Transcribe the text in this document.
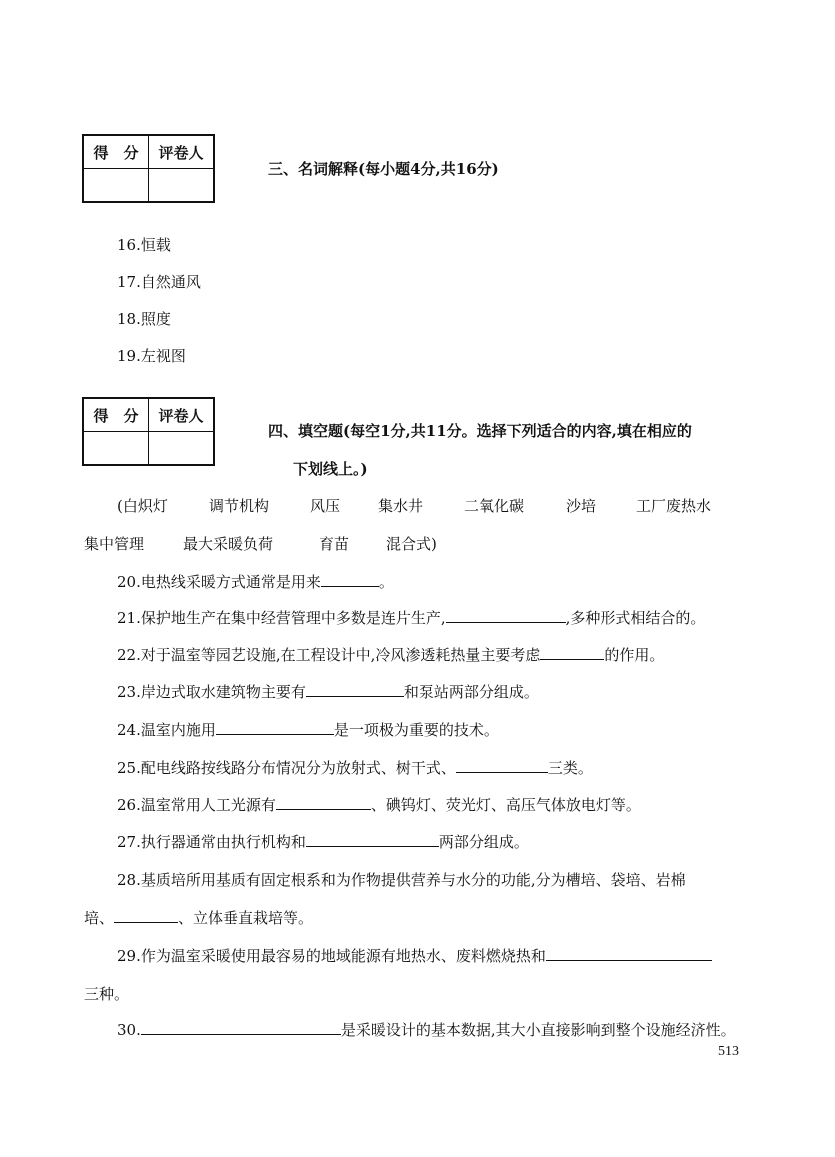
得　分	评卷人

三、名词解释(每小题4分,共16分)
16.恒载
17.自然通风
18.照度
19.左视图
得　分	评卷人

四、填空题(每空1分,共11分。选择下列适合的内容,填在相应的
下划线上。)
(白炽灯	调节机构	风压	集水井	二氧化碳	沙培	工厂废热水
集中管理	最大采暖负荷	育苗 混合式)
20.电热线采暖方式通常是用来	。
21.保护地生产在集中经营管理中多数是连片生产,	,多种形式相结合的。
22.对于温室等园艺设施,在工程设计中,冷风渗透耗热量主要考虑	的作用。
23.岸边式取水建筑物主要有	和泵站两部分组成。
24.温室内施用	是一项极为重要的技术。
25.配电线路按线路分布情况分为放射式、树干式、	三类。
26.温室常用人工光源有	、碘钨灯、荧光灯、高压气体放电灯等。
27.执行器通常由执行机构和	两部分组成。
28.基质培所用基质有固定根系和为作物提供营养与水分的功能,分为槽培、袋培、岩棉
培、	、立体垂直栽培等。
29.作为温室采暖使用最容易的地域能源有地热水、废料燃烧热和
三种。
30.	是采暖设计的基本数据,其大小直接影响到整个设施经济性。
513
